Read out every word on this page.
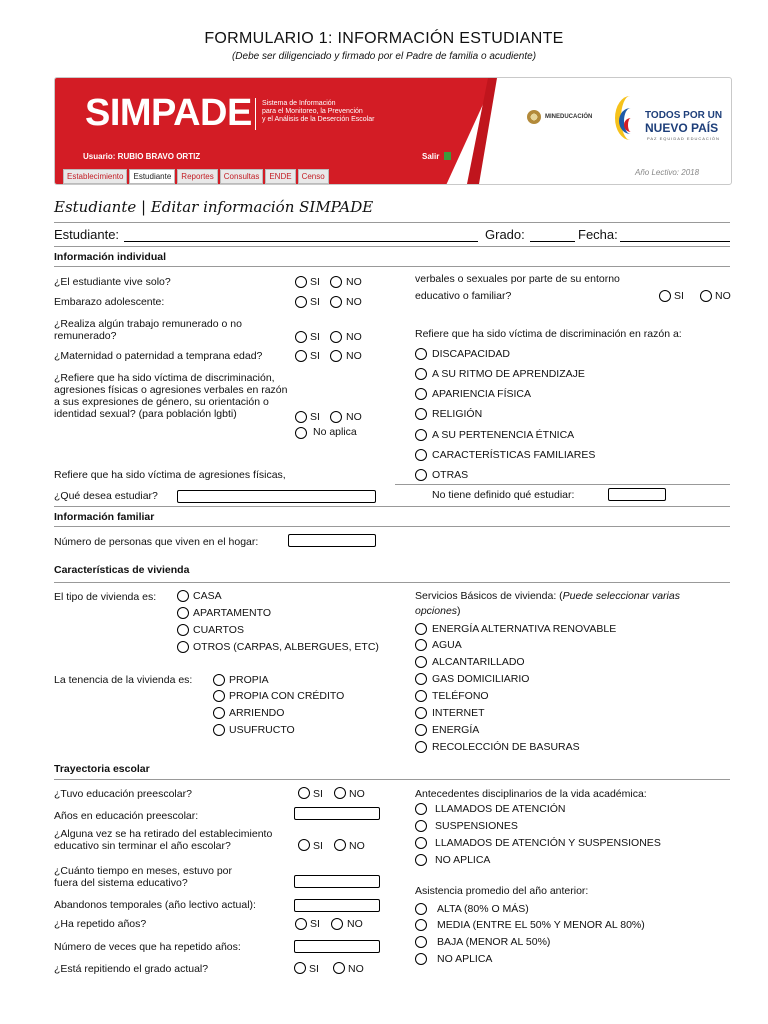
FORMULARIO 1: INFORMACIÓN ESTUDIANTE
(Debe ser diligenciado y firmado por el Padre de familia o acudiente)
SIMPADE Sistema de Información
para el Monitoreo, la Prevención
y el Análisis de la Deserción Escolar
Usuario: RUBIO BRAVO ORTIZ	Salir
Establecimiento	Estudiante	Reportes	Consultas	ENDE	Censo
MINEDUCACIÓN	TODOS POR UN
NUEVO PAÍS
PAZ EQUIDAD EDUCACIÓN
Año Lectivo: 2018
Estudiante | Editar información SIMPADE
Estudiante:	Grado:	Fecha:
Información individual
¿El estudiante vive solo?	SI NO
Embarazo adolescente:	SI NO
¿Realiza algún trabajo remunerado o no
remunerado?	SI NO
¿Maternidad o paternidad a temprana edad?	SI NO
¿Refiere que ha sido víctima de discriminación,
agresiones físicas o agresiones verbales en razón
a sus expresiones de género, su orientación o
identidad sexual? (para población lgbti)	SI NO
No aplica
Refiere que ha sido víctima de agresiones físicas,
¿Qué desea estudiar?
verbales o sexuales por parte de su entorno
educativo o familiar?	SI	NO
Refiere que ha sido víctima de discriminación en razón a:
DISCAPACIDAD
A SU RITMO DE APRENDIZAJE
APARIENCIA FÍSICA
RELIGIÓN
A SU PERTENENCIA ÉTNICA
CARACTERÍSTICAS FAMILIARES
OTRAS
No tiene definido qué estudiar:
Información familiar
Número de personas que viven en el hogar:
Características de vivienda
El tipo de vivienda es:	CASA
APARTAMENTO
CUARTOS
OTROS (CARPAS, ALBERGUES, ETC)
La tenencia de la vivienda es:	PROPIA
PROPIA CON CRÉDITO
ARRIENDO
USUFRUCTO
Servicios Básicos de vivienda: (Puede seleccionar varias
opciones)
ENERGÍA ALTERNATIVA RENOVABLE
AGUA
ALCANTARILLADO
GAS DOMICILIARIO
TELÉFONO
INTERNET
ENERGÍA
RECOLECCIÓN DE BASURAS
Trayectoria escolar
¿Tuvo educación preescolar?	SI NO
Años en educación preescolar:
¿Alguna vez se ha retirado del establecimiento
educativo sin terminar el año escolar?	SI NO
¿Cuánto tiempo en meses, estuvo por
fuera del sistema educativo?
Abandonos temporales (año lectivo actual):
¿Ha repetido años?	SI	NO
Número de veces que ha repetido años:
¿Está repitiendo el grado actual?	SI	NO
Antecedentes disciplinarios de la vida académica:
LLAMADOS DE ATENCIÓN
SUSPENSIONES
LLAMADOS DE ATENCIÓN Y SUSPENSIONES
NO APLICA
Asistencia promedio del año anterior:
ALTA (80% O MÁS)
MEDIA (ENTRE EL 50% Y MENOR AL 80%)
BAJA (MENOR AL 50%)
NO APLICA
